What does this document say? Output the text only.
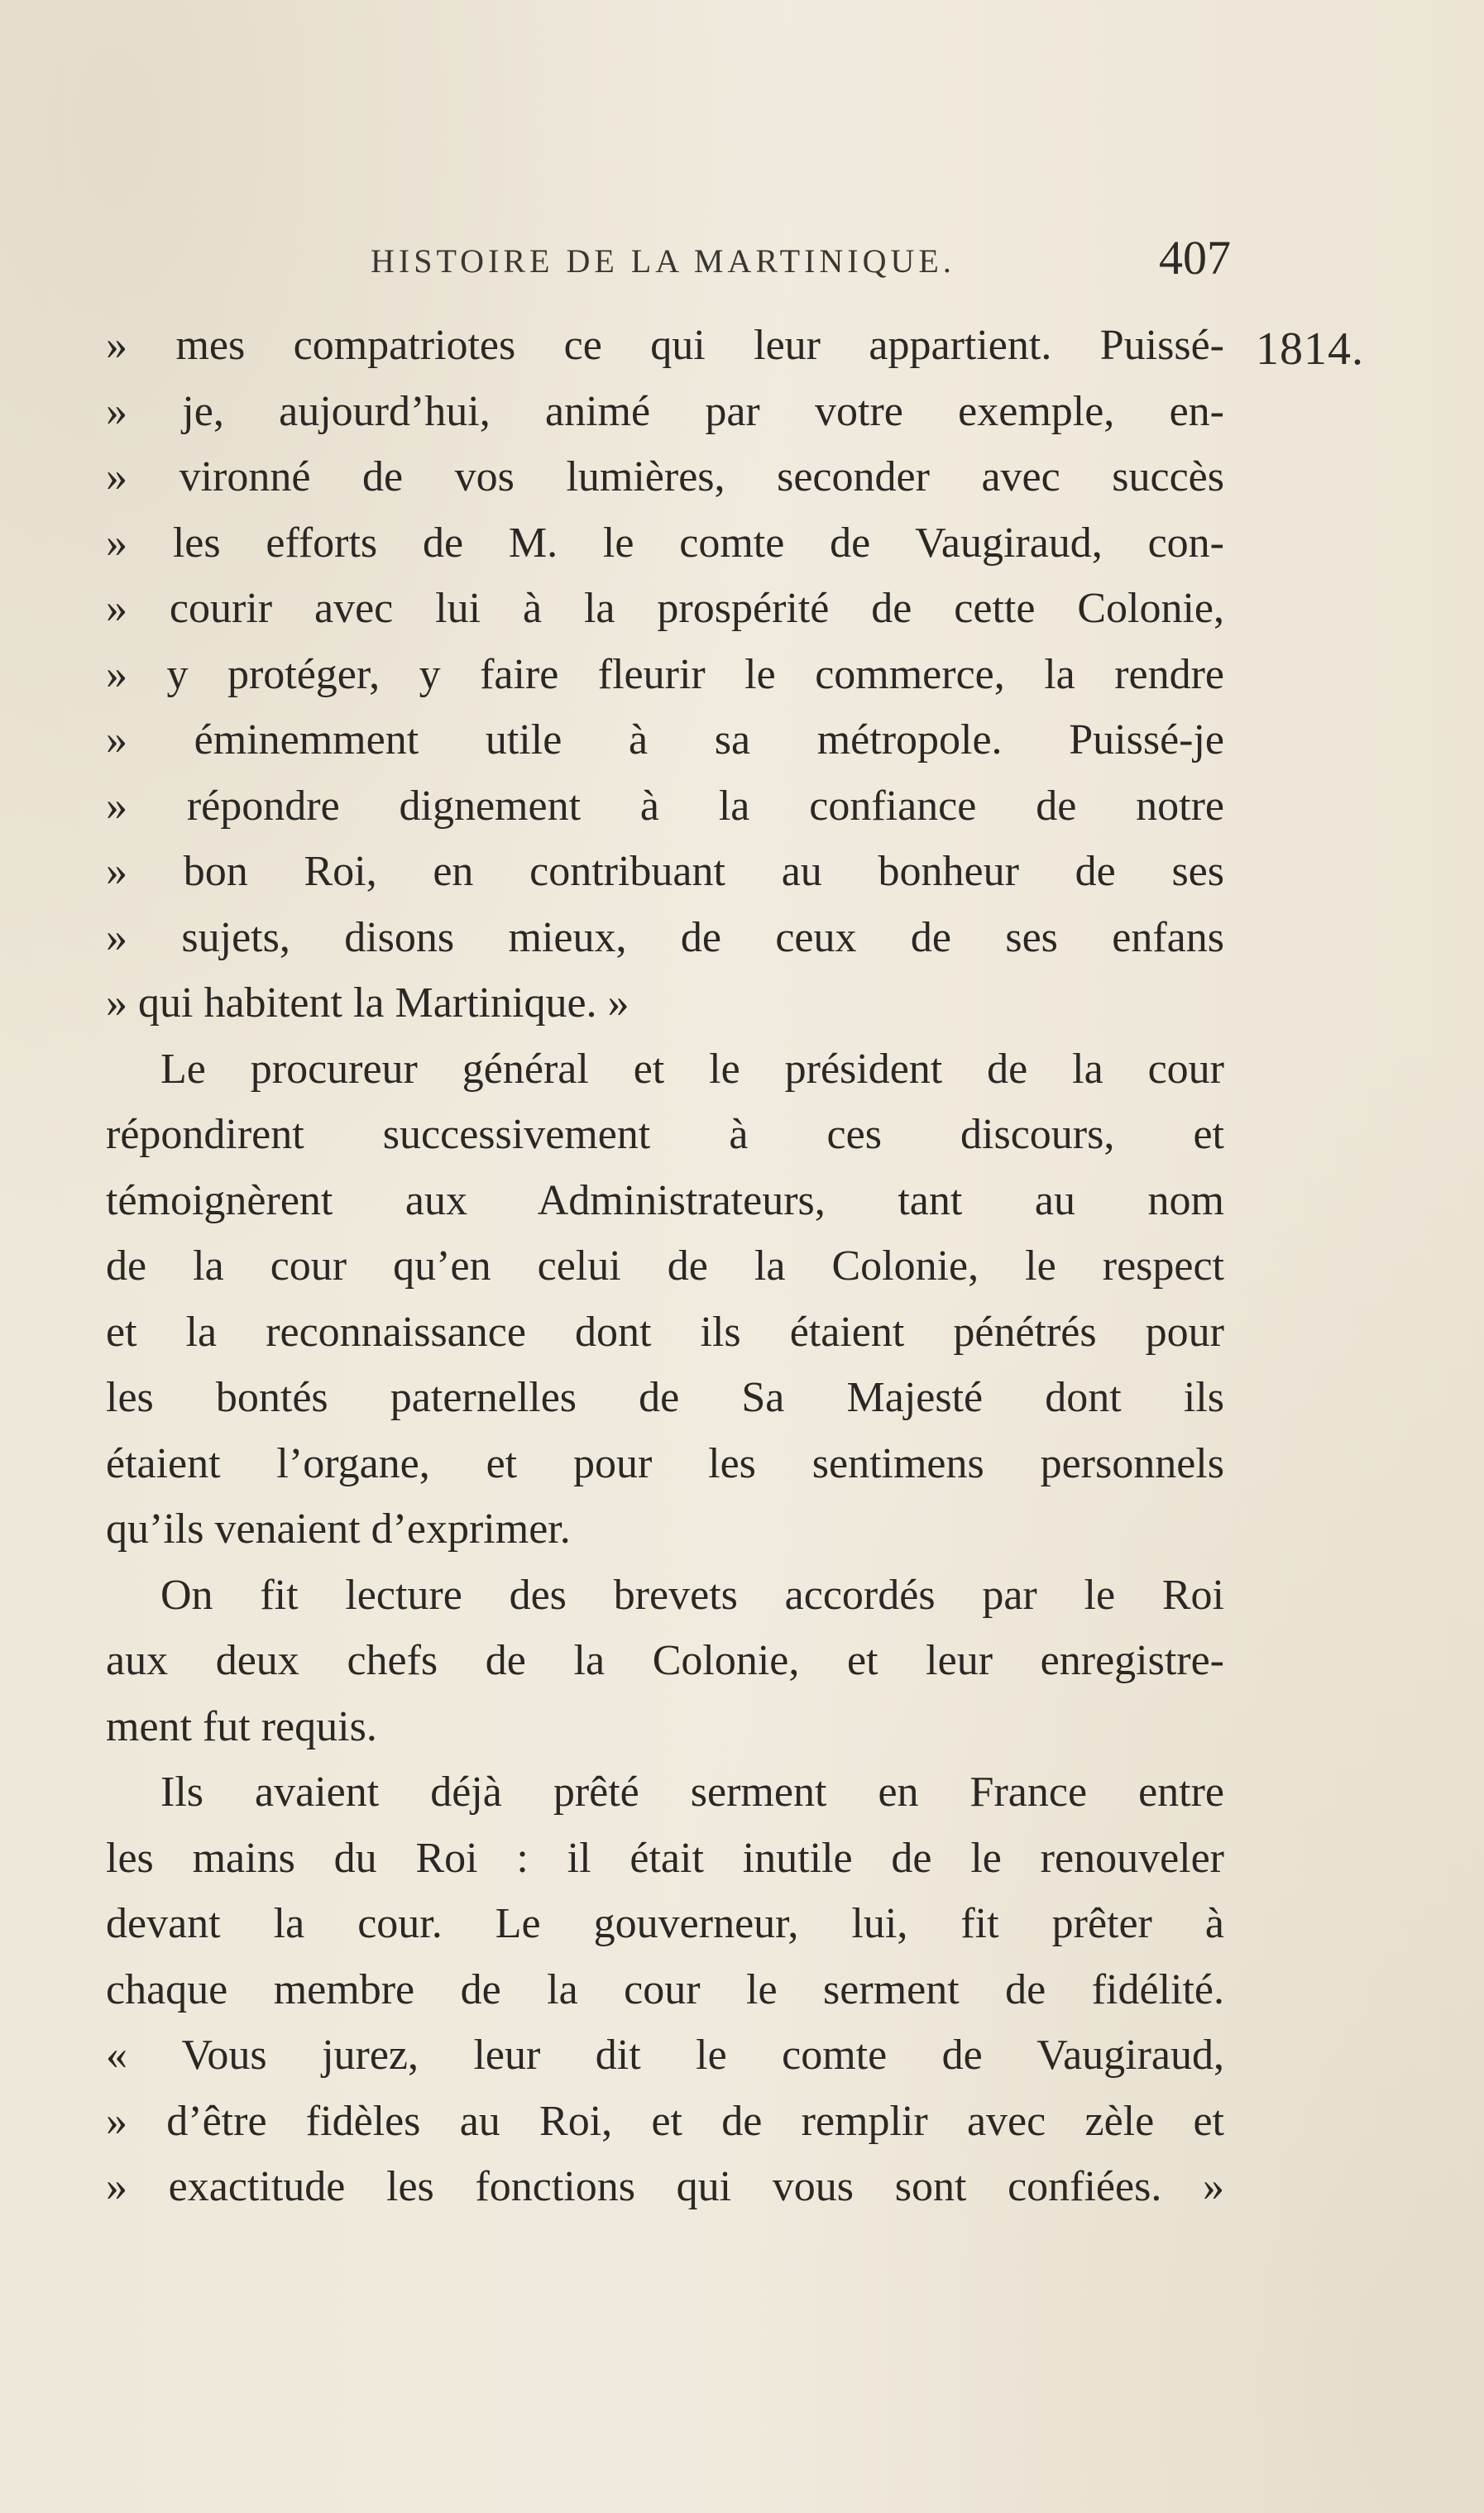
HISTOIRE DE LA MARTINIQUE.	407
1814.
» mes compatriotes ce qui leur appartient. Puissé-
» je, aujourd’hui, animé par votre exemple, en-
» vironné de vos lumières, seconder avec succès
» les efforts de M. le comte de Vaugiraud, con-
» courir avec lui à la prospérité de cette Colonie,
» y protéger, y faire fleurir le commerce, la rendre
» éminemment utile à sa métropole. Puissé-je
» répondre dignement à la confiance de notre
» bon Roi, en contribuant au bonheur de ses
» sujets, disons mieux, de ceux de ses enfans
» qui habitent la Martinique. »
Le procureur général et le président de la cour
répondirent successivement à ces discours, et
témoignèrent aux Administrateurs, tant au nom
de la cour qu’en celui de la Colonie, le respect
et la reconnaissance dont ils étaient pénétrés pour
les bontés paternelles de Sa Majesté dont ils
étaient l’organe, et pour les sentimens personnels
qu’ils venaient d’exprimer.
On fit lecture des brevets accordés par le Roi
aux deux chefs de la Colonie, et leur enregistre-
ment fut requis.
Ils avaient déjà prêté serment en France entre
les mains du Roi : il était inutile de le renouveler
devant la cour. Le gouverneur, lui, fit prêter à
chaque membre de la cour le serment de fidélité.
« Vous jurez, leur dit le comte de Vaugiraud,
» d’être fidèles au Roi, et de remplir avec zèle et
» exactitude les fonctions qui vous sont confiées. »
